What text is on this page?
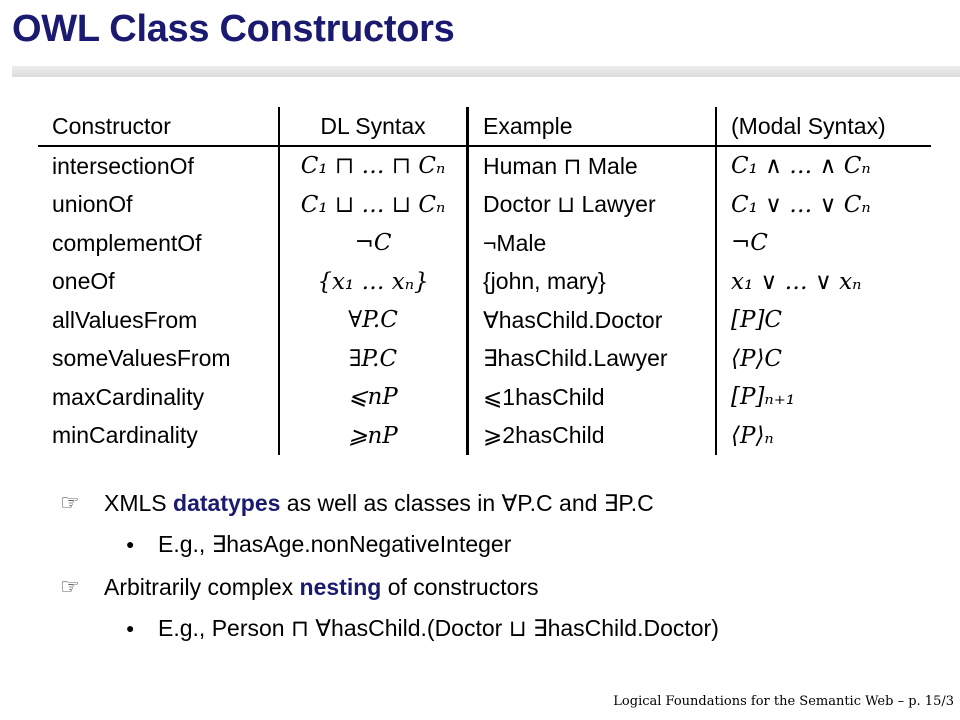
OWL Class Constructors
Constructor	DL Syntax	Example	(Modal Syntax)
intersectionOf	C₁ ⊓ … ⊓ Cₙ	Human ⊓ Male	C₁ ∧ … ∧ Cₙ
unionOf	C₁ ⊔ … ⊔ Cₙ	Doctor ⊔ Lawyer	C₁ ∨ … ∨ Cₙ
complementOf	¬C	¬Male	¬C
oneOf	{x₁ … xₙ}	{john, mary}	x₁ ∨ … ∨ xₙ
allValuesFrom	∀P.C	∀hasChild.Doctor	[P]C
someValuesFrom	∃P.C	∃hasChild.Lawyer	⟨P⟩C
maxCardinality	⩽nP	⩽1hasChild	[P]ₙ₊₁
minCardinality	⩾nP	⩾2hasChild	⟨P⟩ₙ
☞ XMLS datatypes as well as classes in ∀P.C and ∃P.C
● E.g., ∃hasAge.nonNegativeInteger
☞ Arbitrarily complex nesting of constructors
● E.g., Person ⊓ ∀hasChild.(Doctor ⊔ ∃hasChild.Doctor)
Logical Foundations for the Semantic Web – p. 15/3
